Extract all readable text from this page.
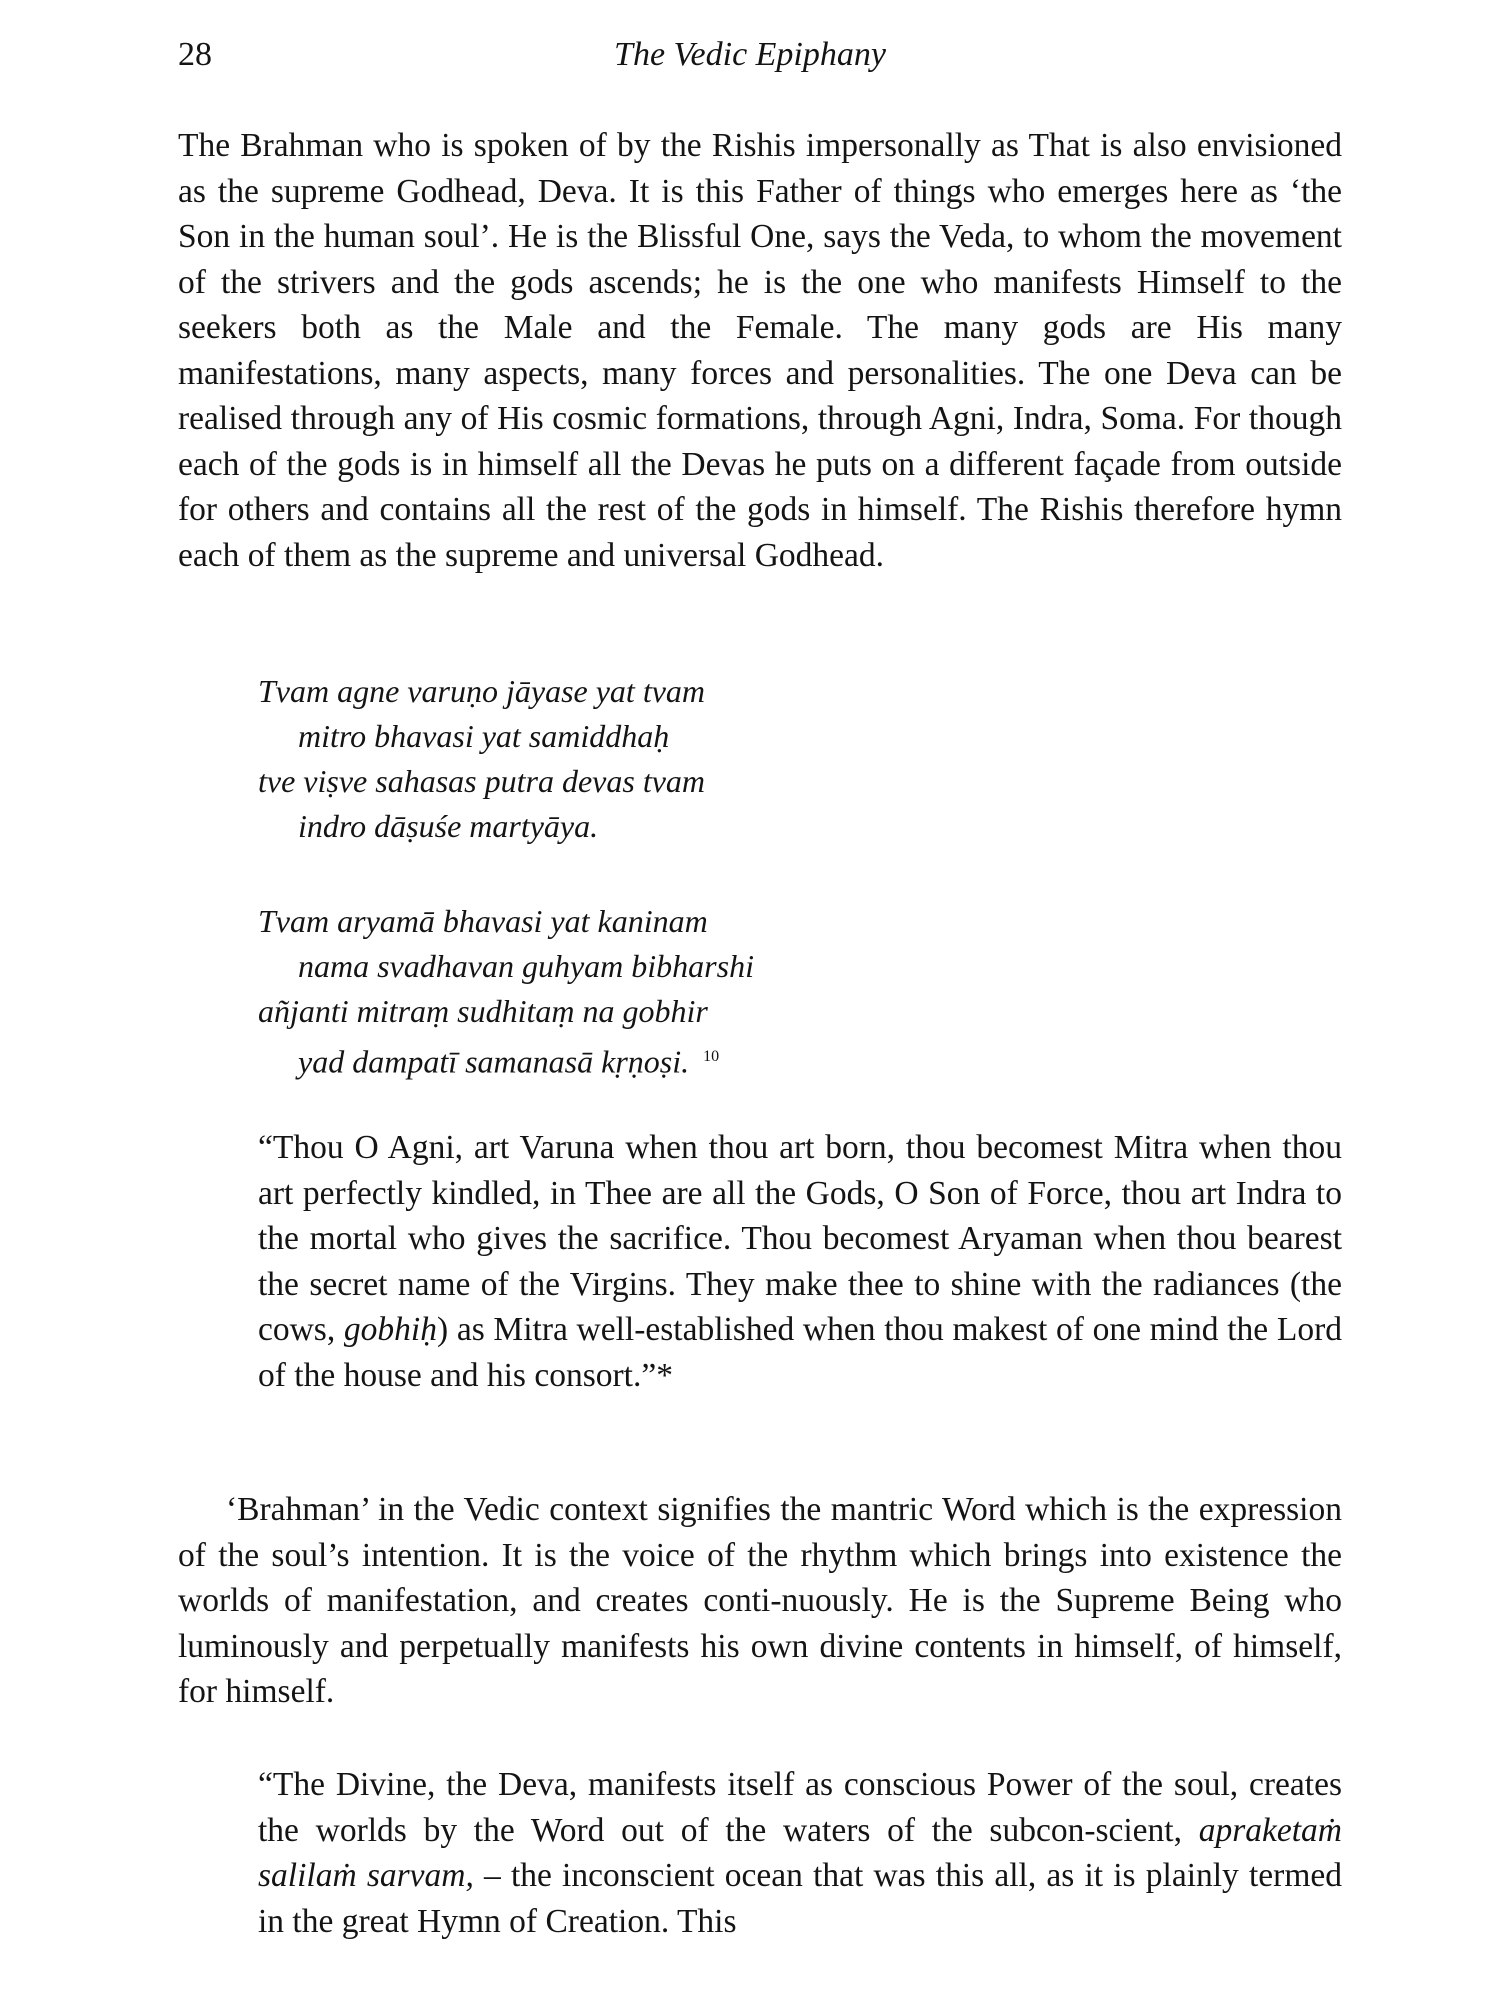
28	The Vedic Epiphany

The Brahman who is spoken of by the Rishis impersonally as That is also envisioned as the supreme Godhead, Deva. It is this Father of things who emerges here as ‘the Son in the human soul’. He is the Blissful One, says the Veda, to whom the movement of the strivers and the gods ascends; he is the one who manifests Himself to the seekers both as the Male and the Female. The many gods are His many manifestations, many aspects, many forces and personalities. The one Deva can be realised through any of His cosmic formations, through Agni, Indra, Soma. For though each of the gods is in himself all the Devas he puts on a different façade from outside for others and contains all the rest of the gods in himself. The Rishis therefore hymn each of them as the supreme and universal Godhead.

Tvam agne varuṇo jāyase yat tvam
mitro bhavasi yat samiddhaḥ
tve viṣve sahasas putra devas tvam
indro dāṣuśe martyāya.
Tvam aryamā bhavasi yat kaninam
nama svadhavan guhyam bibharshi
añjanti mitraṃ sudhitaṃ na gobhir
yad dampatī samanasā kṛṇoṣi. $^{10}$

“Thou O Agni, art Varuna when thou art born, thou becomest Mitra when thou art perfectly kindled, in Thee are all the Gods, O Son of Force, thou art Indra to the mortal who gives the sacrifice. Thou becomest Aryaman when thou bearest the secret name of the Virgins. They make thee to shine with the radiances (the cows, gobhiḥ) as Mitra well-established when thou makest of one mind the Lord of the house and his consort.”*

‘Brahman’ in the Vedic context signifies the mantric Word which is the expression of the soul’s intention. It is the voice of the rhythm which brings into existence the worlds of manifestation, and creates conti-nuously. He is the Supreme Being who luminously and perpetually manifests his own divine contents in himself, of himself, for himself.

“The Divine, the Deva, manifests itself as conscious Power of the soul, creates the worlds by the Word out of the waters of the subcon-scient, apraketaṁ salilaṁ sarvam, – the inconscient ocean that was this all, as it is plainly termed in the great Hymn of Creation. This
